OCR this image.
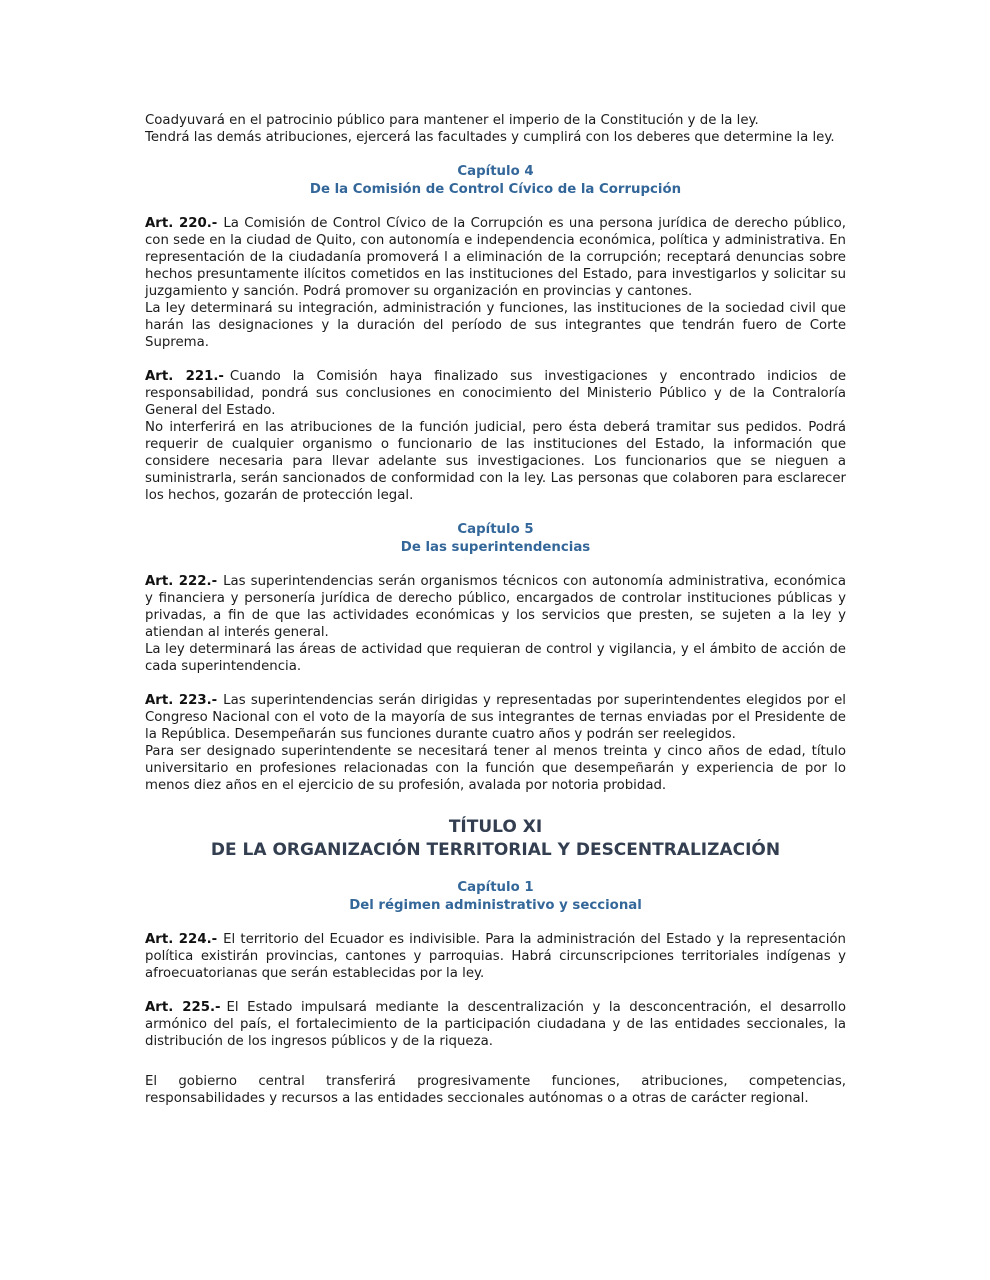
Coadyuvará en el patrocinio público para mantener el imperio de la Constitución y de la ley.

Tendrá las demás atribuciones, ejercerá las facultades y cumplirá con los deberes que determine la ley.

Capítulo 4
De la Comisión de Control Cívico de la Corrupción

Art. 220.- La Comisión de Control Cívico de la Corrupción es una persona jurídica de derecho público, con sede en la ciudad de Quito, con autonomía e independencia económica, política y administrativa. En representación de la ciudadanía promoverá l a eliminación de la corrupción; receptará denuncias sobre hechos presuntamente ilícitos cometidos en las instituciones del Estado, para investigarlos y solicitar su juzgamiento y sanción. Podrá promover su organización en provincias y cantones.

La ley determinará su integración, administración y funciones, las instituciones de la sociedad civil que harán las designaciones y la duración del período de sus integrantes que tendrán fuero de Corte Suprema.

Art. 221.- Cuando la Comisión haya finalizado sus investigaciones y encontrado indicios de responsabilidad, pondrá sus conclusiones en conocimiento del Ministerio Público y de la Contraloría General del Estado.

No interferirá en las atribuciones de la función judicial, pero ésta deberá tramitar sus pedidos. Podrá requerir de cualquier organismo o funcionario de las instituciones del Estado, la información que considere necesaria para llevar adelante sus investigaciones. Los funcionarios que se nieguen a suministrarla, serán sancionados de conformidad con la ley. Las personas que colaboren para esclarecer los hechos, gozarán de protección legal.

Capítulo 5
De las superintendencias

Art. 222.- Las superintendencias serán organismos técnicos con autonomía administrativa, económica y financiera y personería jurídica de derecho público, encargados de controlar instituciones públicas y privadas, a fin de que las actividades económicas y los servicios que presten, se sujeten a la ley y atiendan al interés general.

La ley determinará las áreas de actividad que requieran de control y vigilancia, y el ámbito de acción de cada superintendencia.

Art. 223.- Las superintendencias serán dirigidas y representadas por superintendentes elegidos por el Congreso Nacional con el voto de la mayoría de sus integrantes de ternas enviadas por el Presidente de la República. Desempeñarán sus funciones durante cuatro años y podrán ser reelegidos.

Para ser designado superintendente se necesitará tener al menos treinta y cinco años de edad, título universitario en profesiones relacionadas con la función que desempeñarán y experiencia de por lo menos diez años en el ejercicio de su profesión, avalada por notoria probidad.

TÍTULO XI
DE LA ORGANIZACIÓN TERRITORIAL Y DESCENTRALIZACIÓN
Capítulo 1
Del régimen administrativo y seccional

Art. 224.- El territorio del Ecuador es indivisible. Para la administración del Estado y la representación política existirán provincias, cantones y parroquias. Habrá circunscripciones territoriales indígenas y afroecuatorianas que serán establecidas por la ley.

Art. 225.- El Estado impulsará mediante la descentralización y la desconcentración, el desarrollo armónico del país, el fortalecimiento de la participación ciudadana y de las entidades seccionales, la distribución de los ingresos públicos y de la riqueza.

El gobierno central transferirá progresivamente funciones, atribuciones, competencias, responsabilidades y recursos a las entidades seccionales autónomas o a otras de carácter regional.
